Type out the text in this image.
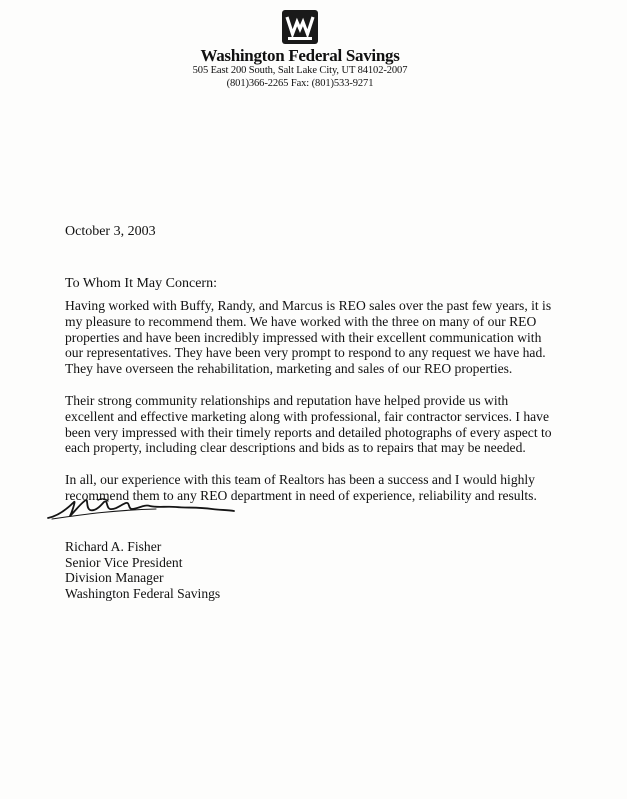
Washington Federal Savings
505 East 200 South, Salt Lake City, UT 84102-2007
(801)366-2265 Fax: (801)533-9271
October 3, 2003
To Whom It May Concern:

Having worked with Buffy, Randy, and Marcus is REO sales over the past few years, it is
my pleasure to recommend them. We have worked with the three on many of our REO
properties and have been incredibly impressed with their excellent communication with
our representatives. They have been very prompt to respond to any request we have had.
They have overseen the rehabilitation, marketing and sales of our REO properties.

Their strong community relationships and reputation have helped provide us with
excellent and effective marketing along with professional, fair contractor services. I have
been very impressed with their timely reports and detailed photographs of every aspect to
each property, including clear descriptions and bids as to repairs that may be needed.

In all, our experience with this team of Realtors has been a success and I would highly
recommend them to any REO department in need of experience, reliability and results.

Richard A. Fisher
Senior Vice President
Division Manager
Washington Federal Savings
